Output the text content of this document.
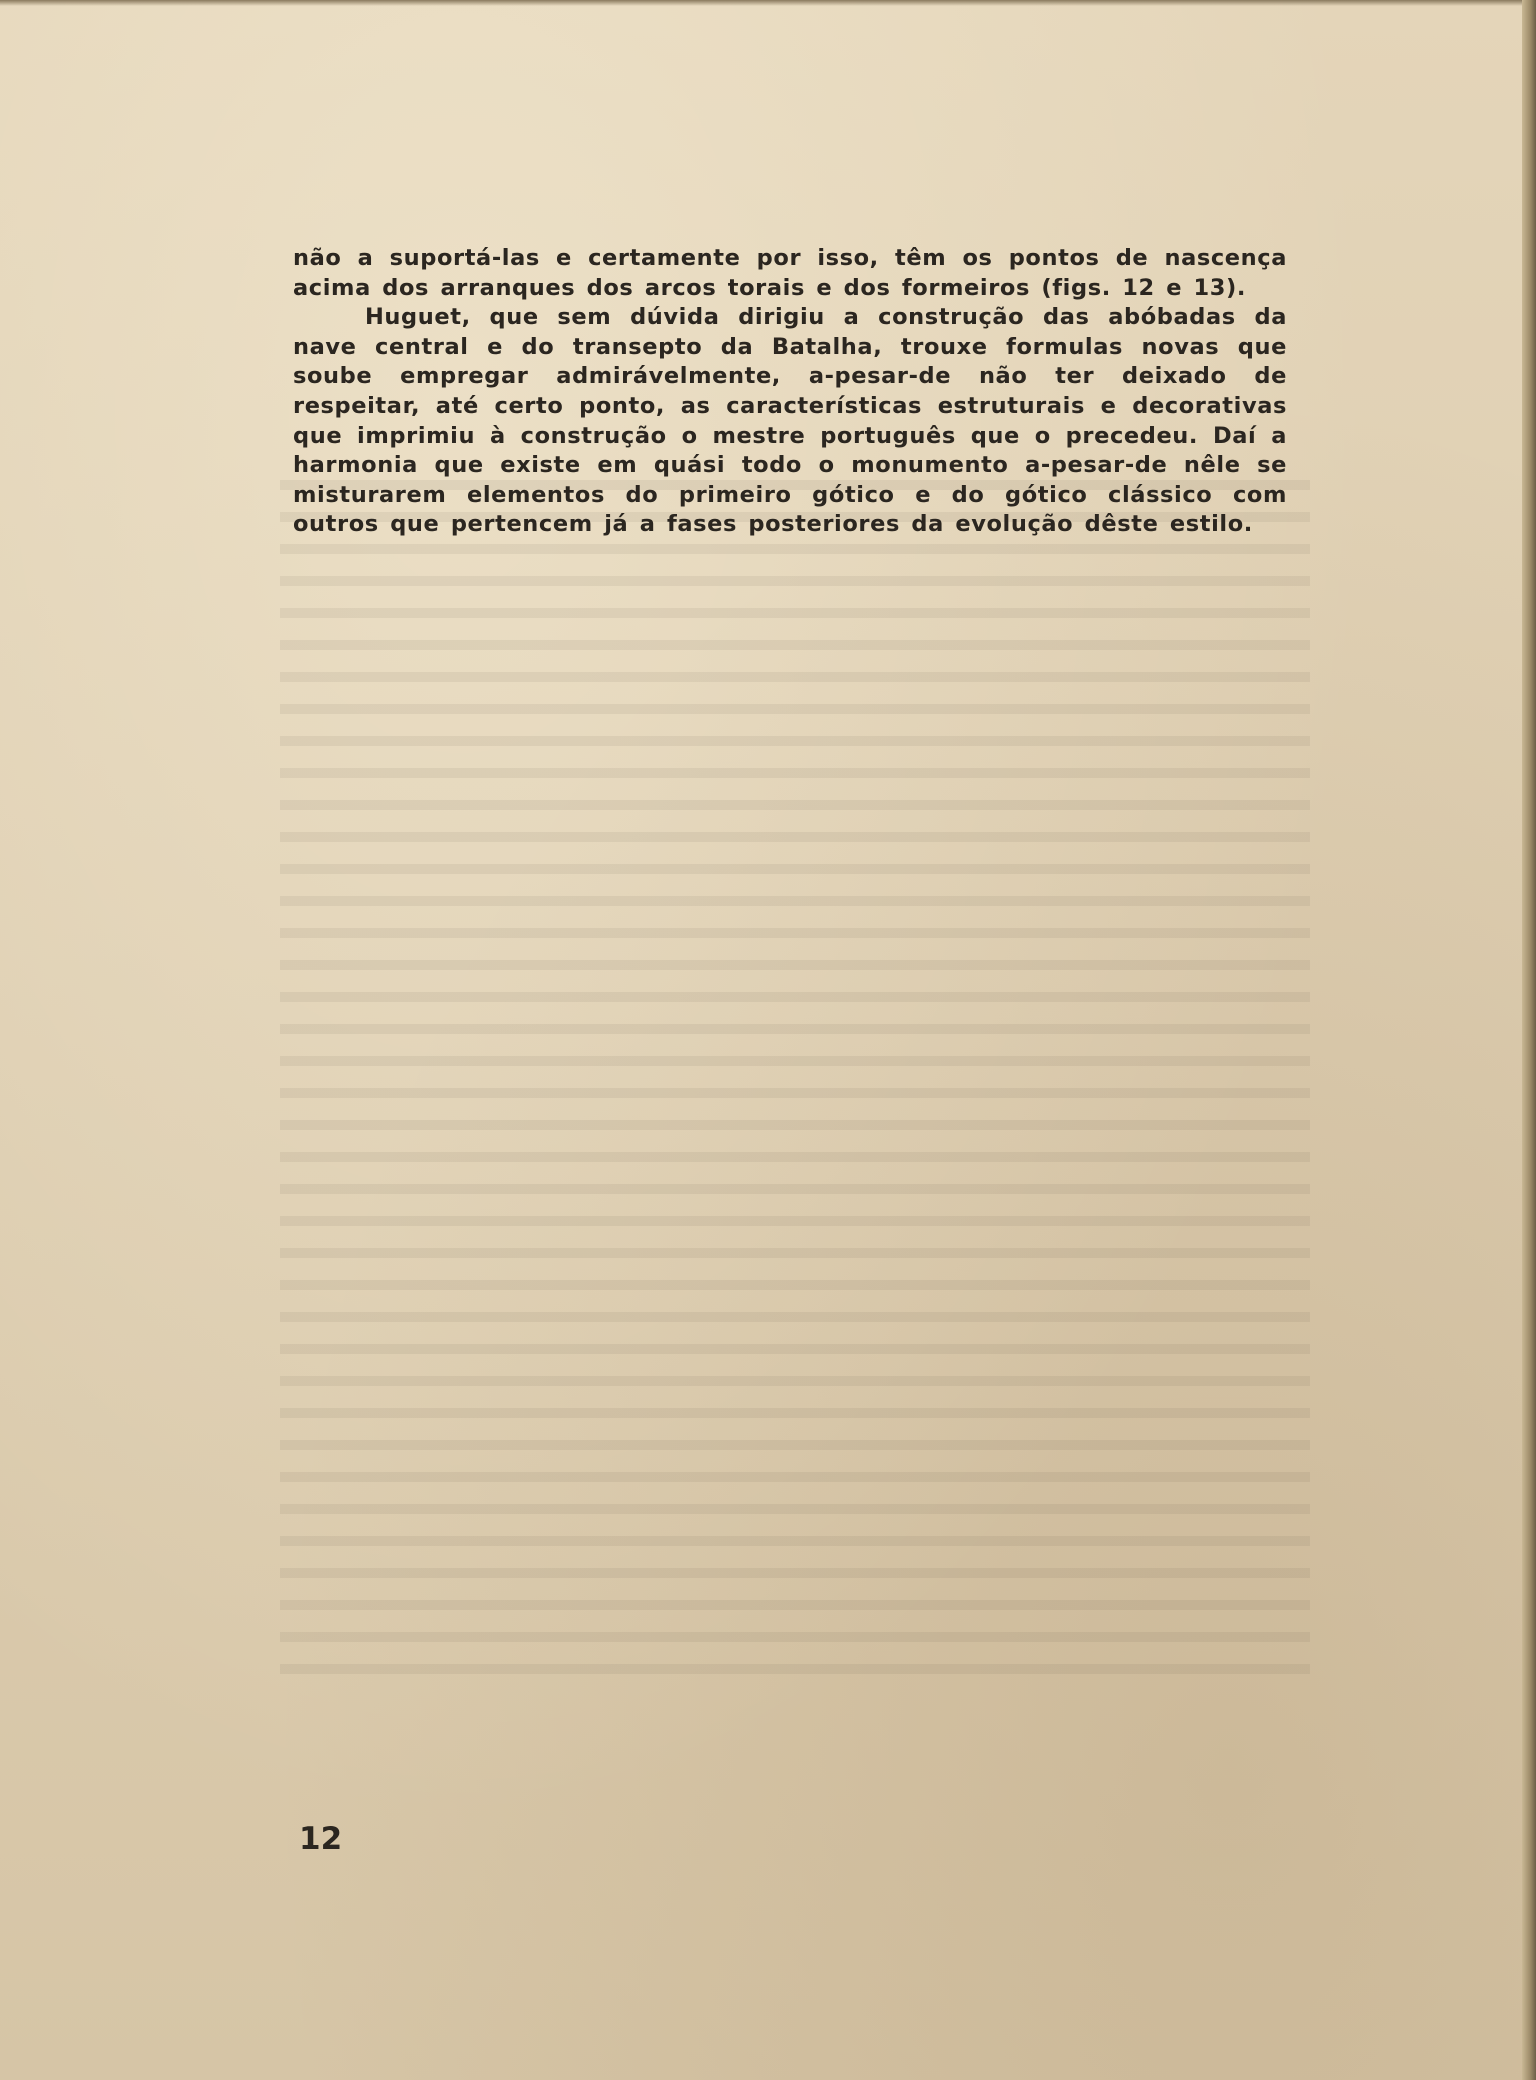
não a suportá-las e certamente por isso, têm os pontos de nascença acima dos arranques dos arcos torais e dos formeiros (figs. 12 e 13).

Huguet, que sem dúvida dirigiu a construção das abóbadas da nave central e do transepto da Batalha, trouxe formulas novas que soube empregar admirávelmente, a-pesar-de não ter deixado de respeitar, até certo ponto, as características estruturais e decorativas que imprimiu à construção o mestre português que o precedeu. Daí a harmonia que existe em quási todo o monumento a-pesar-de nêle se misturarem elementos do primeiro gótico e do gótico clássico com outros que pertencem já a fases posteriores da evolução dêste estilo.

12
